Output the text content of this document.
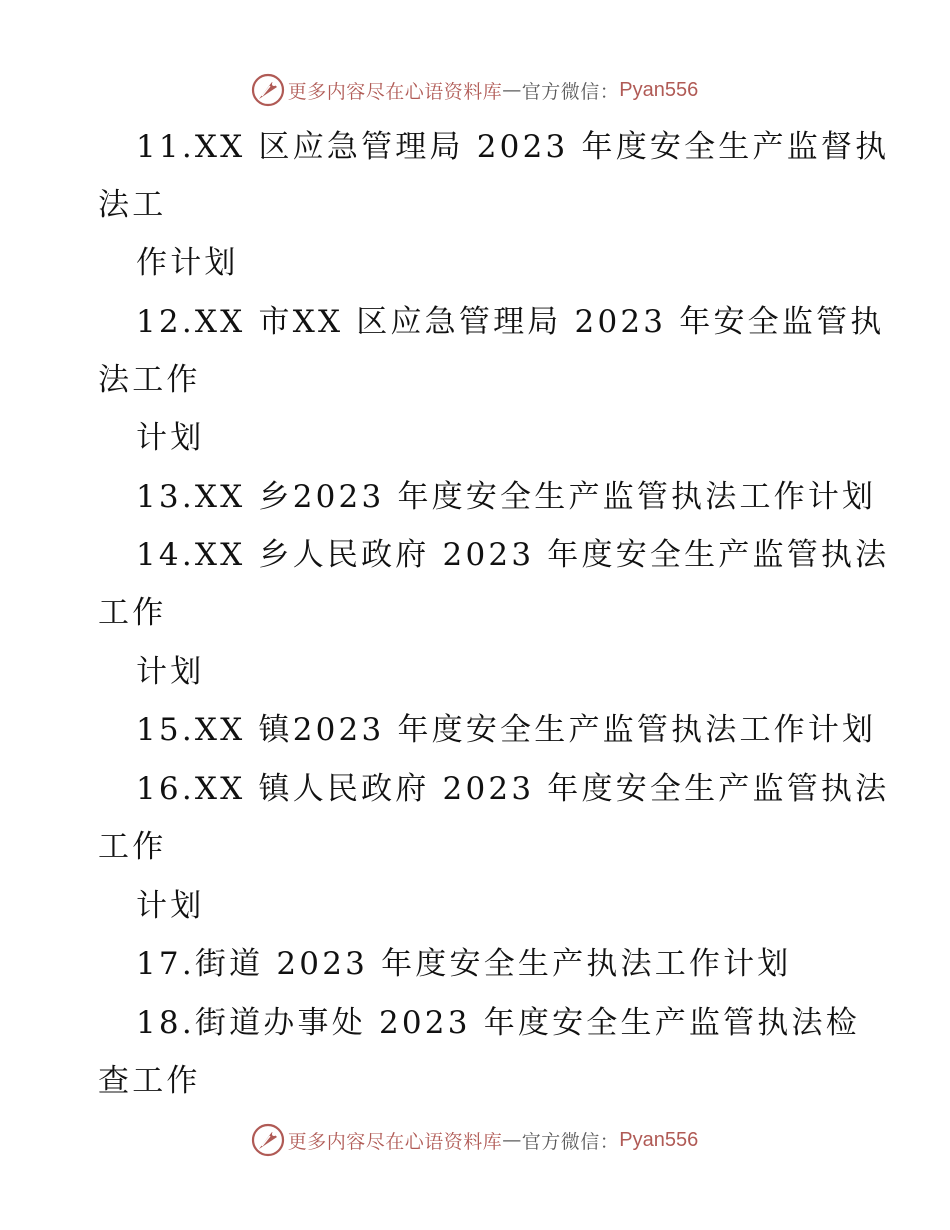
更多内容尽在心语资料库 — 官方微信： Pyan556
11.XX 区应急管理局 2023 年度安全生产监督执
法工
作计划
12.XX 市XX 区应急管理局 2023 年安全监管执
法工作
计划
13.XX 乡2023 年度安全生产监管执法工作计划
14.XX 乡人民政府 2023 年度安全生产监管执法
工作
计划
15.XX 镇2023 年度安全生产监管执法工作计划
16.XX 镇人民政府 2023 年度安全生产监管执法
工作
计划
17.街道 2023 年度安全生产执法工作计划
18.街道办事处 2023 年度安全生产监管执法检
查工作
更多内容尽在心语资料库 — 官方微信： Pyan556
